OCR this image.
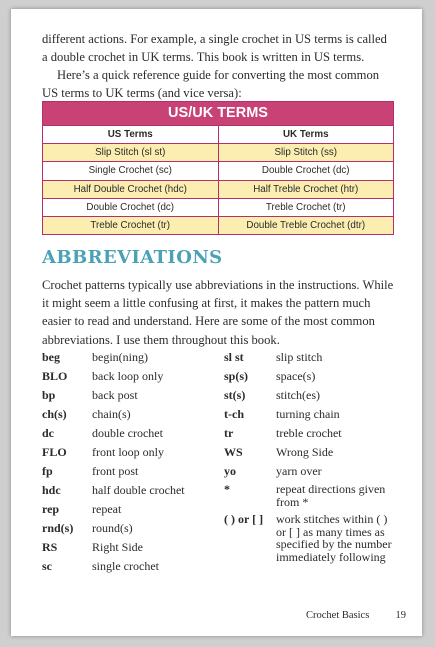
different actions. For example, a single crochet in US terms is called a double crochet in UK terms. This book is written in US terms.

Here’s a quick reference guide for converting the most common US terms to UK terms (and vice versa):

US/UK TERMS
US Terms	UK Terms
Slip Stitch (sl st)	Slip Stitch (ss)
Single Crochet (sc)	Double Crochet (dc)
Half Double Crochet (hdc)	Half Treble Crochet (htr)
Double Crochet (dc)	Treble Crochet (tr)
Treble Crochet (tr)	Double Treble Crochet (dtr)
ABBREVIATIONS

Crochet patterns typically use abbreviations in the instructions. While it might seem a little confusing at first, it makes the pattern much easier to read and understand. Here are some of the most common abbreviations. I use them throughout this book.

beg	begin(ning)
BLO	back loop only
bp	back post
ch(s)	chain(s)
dc	double crochet
FLO	front loop only
fp	front post
hdc	half double crochet
rep	repeat
rnd(s)	round(s)
RS	Right Side
sc	single crochet
sl st	slip stitch
sp(s)	space(s)
st(s)	stitch(es)
t-ch	turning chain
tr	treble crochet
WS	Wrong Side
yo	yarn over
*	repeat directions given from *
( ) or [ ]	work stitches within ( ) or [ ] as many times as specified by the number immediately following
Crochet Basics 19
